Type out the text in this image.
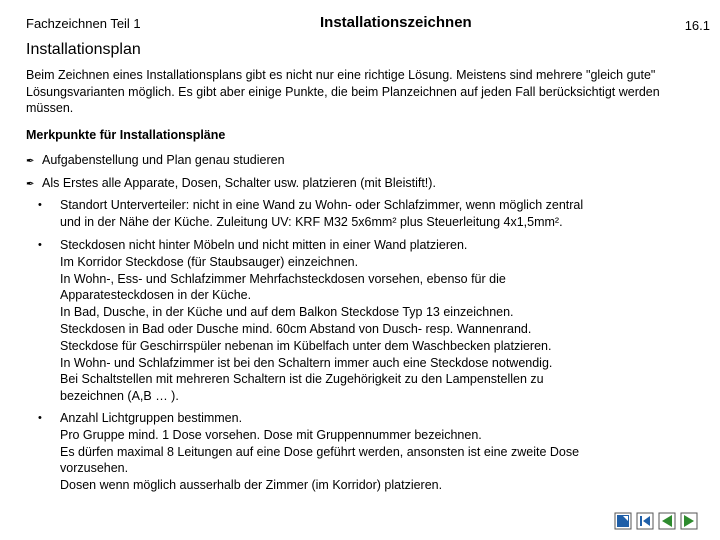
Fachzeichnen Teil 1	Installationszeichnen	16.1
Installationsplan
Beim Zeichnen eines Installationsplans gibt es nicht nur eine richtige Lösung. Meistens sind mehrere "gleich gute" Lösungsvarianten möglich. Es gibt aber einige Punkte, die beim Planzeichnen auf jeden Fall berücksichtigt werden müssen.
Merkpunkte für Installationspläne
✒ Aufgabenstellung und Plan genau studieren
✒ Als Erstes alle Apparate, Dosen, Schalter usw. platzieren (mit Bleistift!).
•	Standort Unterverteiler: nicht in eine Wand zu Wohn- oder Schlafzimmer, wenn möglich zentral
und in der Nähe der Küche. Zuleitung UV: KRF M32 5x6mm² plus Steuerleitung 4x1,5mm².
•	Steckdosen nicht hinter Möbeln und nicht mitten in einer Wand platzieren.
Im Korridor Steckdose (für Staubsauger) einzeichnen.
In Wohn-, Ess- und Schlafzimmer Mehrfachsteckdosen vorsehen, ebenso für die
Apparatesteckdosen in der Küche.
In Bad, Dusche, in der Küche und auf dem Balkon Steckdose Typ 13 einzeichnen.
Steckdosen in Bad oder Dusche mind. 60cm Abstand von Dusch- resp. Wannenrand.
Steckdose für Geschirrspüler nebenan im Kübelfach unter dem Waschbecken platzieren.
In Wohn- und Schlafzimmer ist bei den Schaltern immer auch eine Steckdose notwendig.
Bei Schaltstellen mit mehreren Schaltern ist die Zugehörigkeit zu den Lampenstellen zu
bezeichnen (A,B … ).
•	Anzahl Lichtgruppen bestimmen.
Pro Gruppe mind. 1 Dose vorsehen. Dose mit Gruppennummer bezeichnen.
Es dürfen maximal 8 Leitungen auf eine Dose geführt werden, ansonsten ist eine zweite Dose
vorzusehen.
Dosen wenn möglich ausserhalb der Zimmer (im Korridor) platzieren.
